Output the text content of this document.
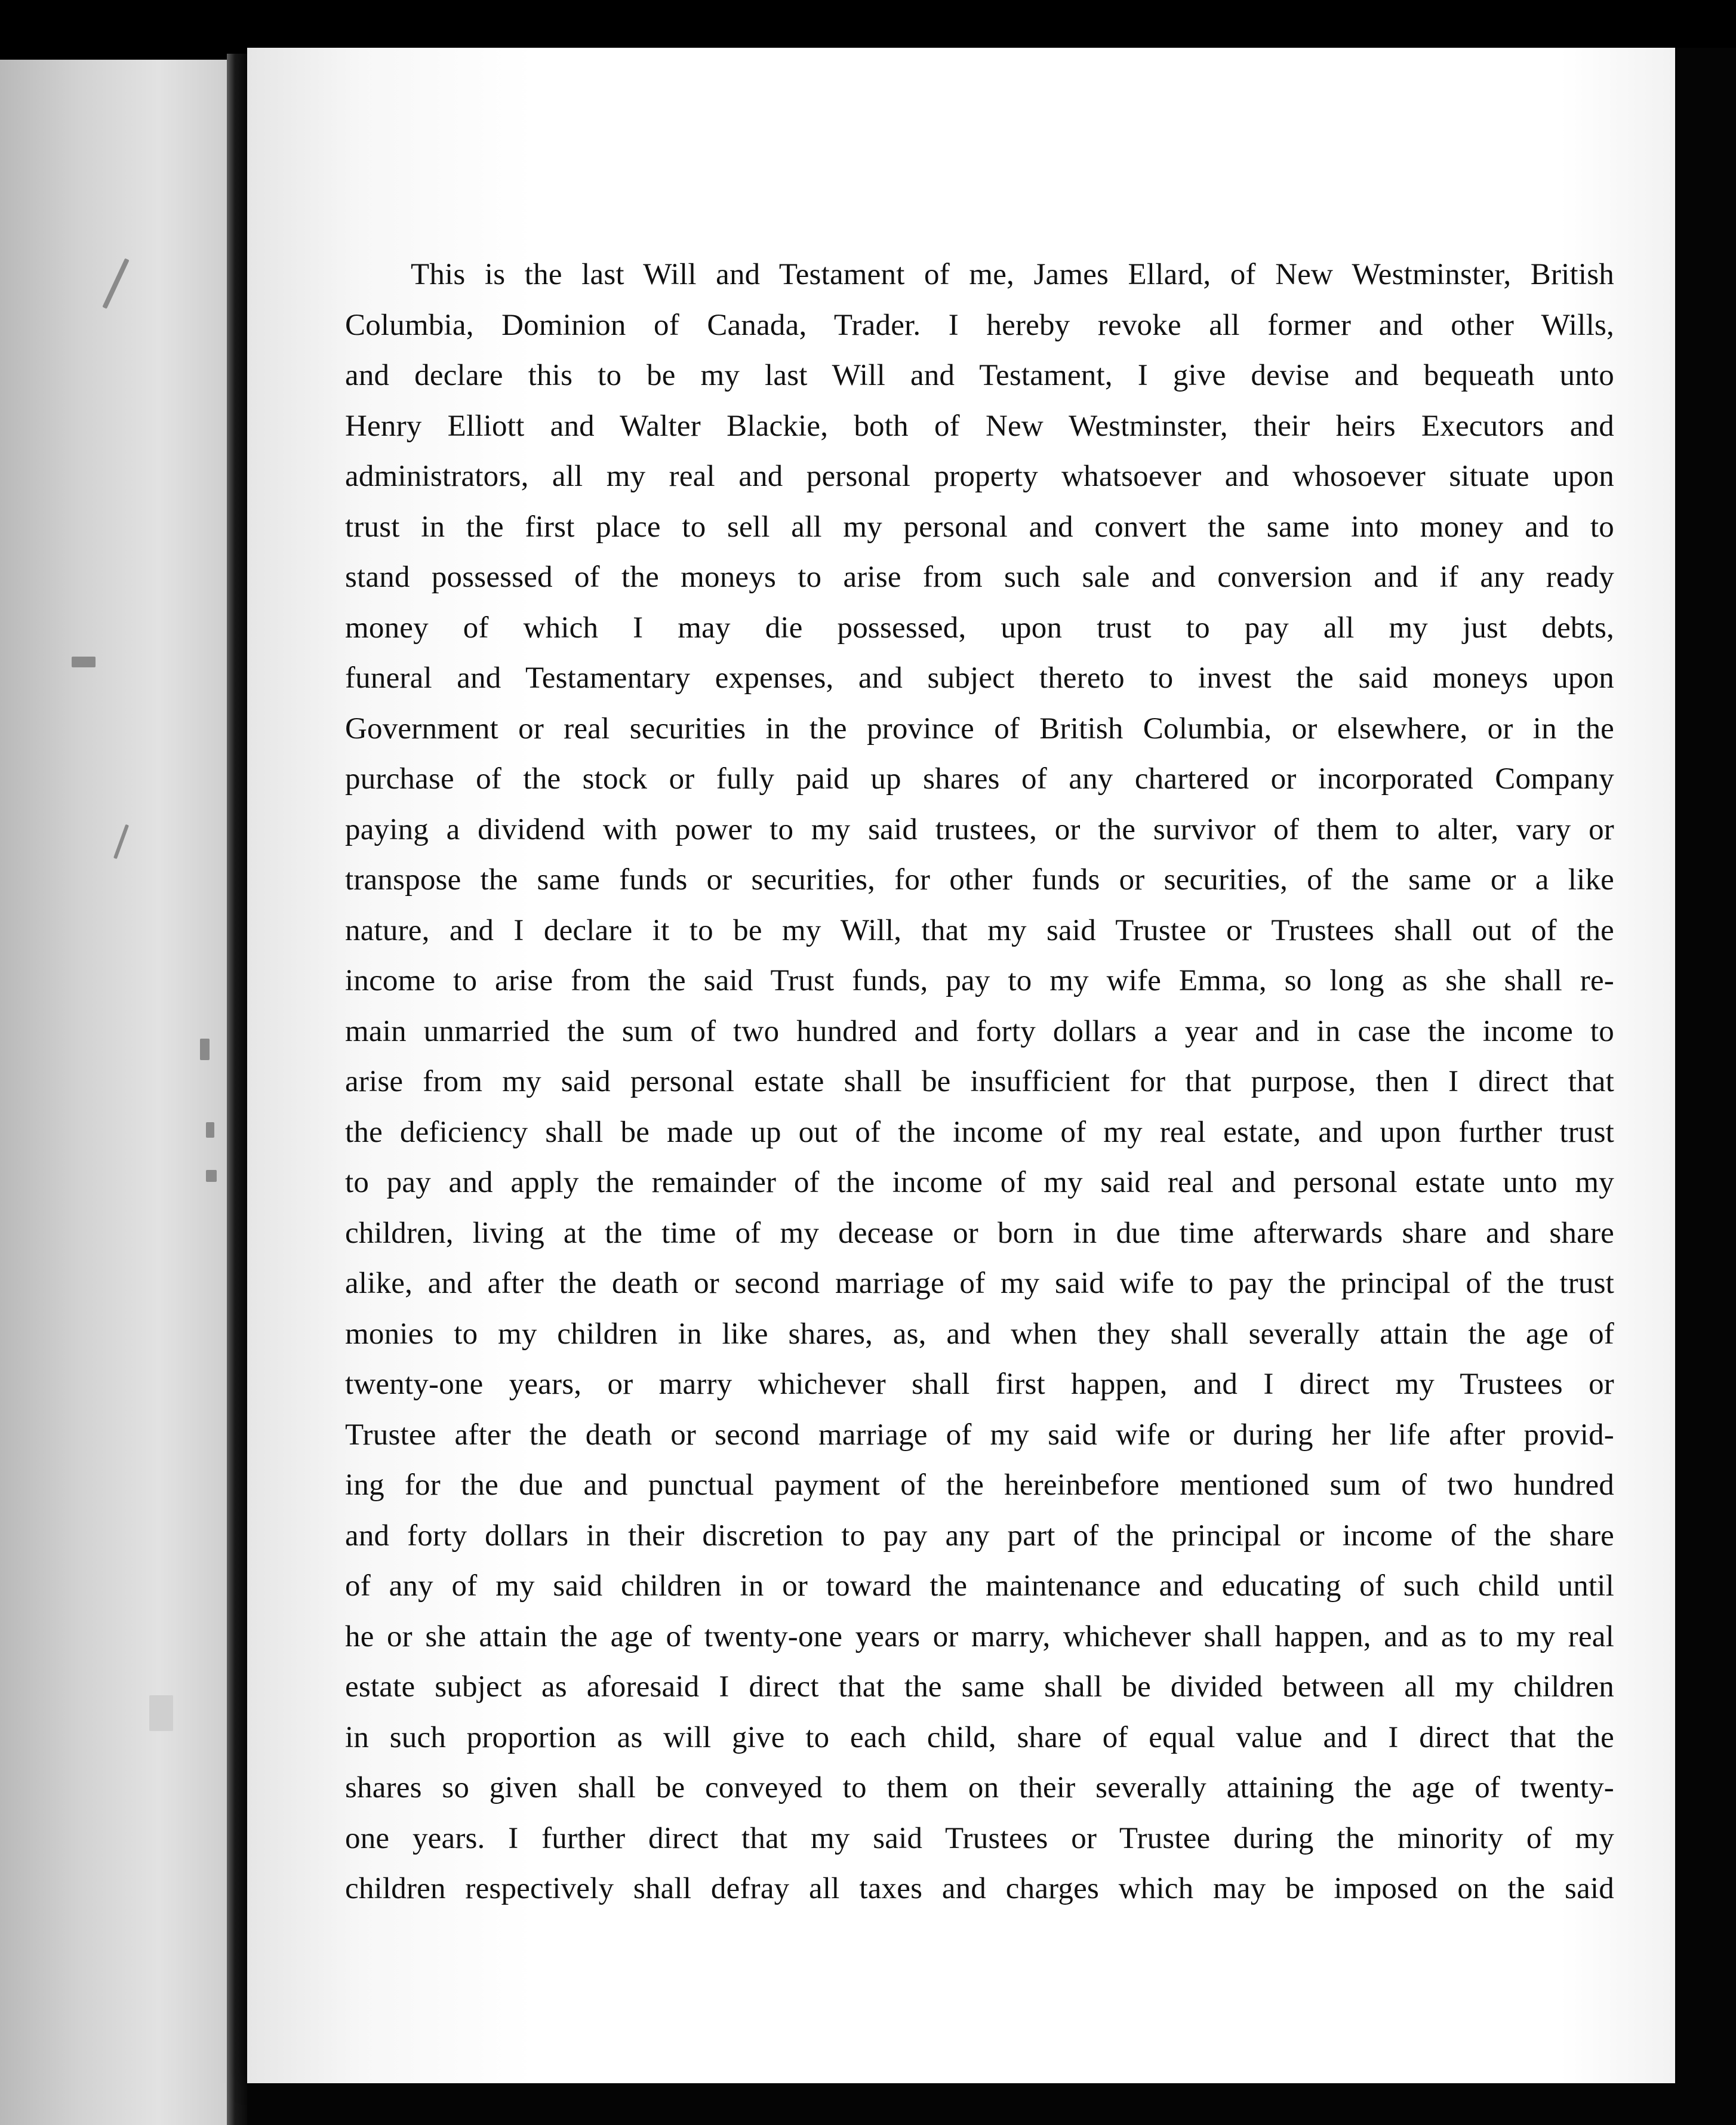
This is the last Will and Testament of me, James Ellard, of New Westminster, British
Columbia, Dominion of Canada, Trader. I hereby revoke all former and other Wills,
and declare this to be my last Will and Testament, I give devise and bequeath unto
Henry Elliott and Walter Blackie, both of New Westminster, their heirs Executors and
administrators, all my real and personal property whatsoever and whosoever situate upon
trust in the first place to sell all my personal and convert the same into money and to
stand possessed of the moneys to arise from such sale and conversion and if any ready
money of which I may die possessed, upon trust to pay all my just debts,
funeral and Testamentary expenses, and subject thereto to invest the said moneys upon
Government or real securities in the province of British Columbia, or elsewhere, or in the
purchase of the stock or fully paid up shares of any chartered or incorporated Company
paying a dividend with power to my said trustees, or the survivor of them to alter, vary or
transpose the same funds or securities, for other funds or securities, of the same or a like
nature, and I declare it to be my Will, that my said Trustee or Trustees shall out of the
income to arise from the said Trust funds, pay to my wife Emma, so long as she shall re-
main unmarried the sum of two hundred and forty dollars a year and in case the income to
arise from my said personal estate shall be insufficient for that purpose, then I direct that
the deficiency shall be made up out of the income of my real estate, and upon further trust
to pay and apply the remainder of the income of my said real and personal estate unto my
children, living at the time of my decease or born in due time afterwards share and share
alike, and after the death or second marriage of my said wife to pay the principal of the trust
monies to my children in like shares, as, and when they shall severally attain the age of
twenty-one years, or marry whichever shall first happen, and I direct my Trustees or
Trustee after the death or second marriage of my said wife or during her life after provid-
ing for the due and punctual payment of the hereinbefore mentioned sum of two hundred
and forty dollars in their discretion to pay any part of the principal or income of the share
of any of my said children in or toward the maintenance and educating of such child until
he or she attain the age of twenty-one years or marry, whichever shall happen, and as to my real
estate subject as aforesaid I direct that the same shall be divided between all my children
in such proportion as will give to each child, share of equal value and I direct that the
shares so given shall be conveyed to them on their severally attaining the age of twenty-
one years. I further direct that my said Trustees or Trustee during the minority of my
children respectively shall defray all taxes and charges which may be imposed on the said
